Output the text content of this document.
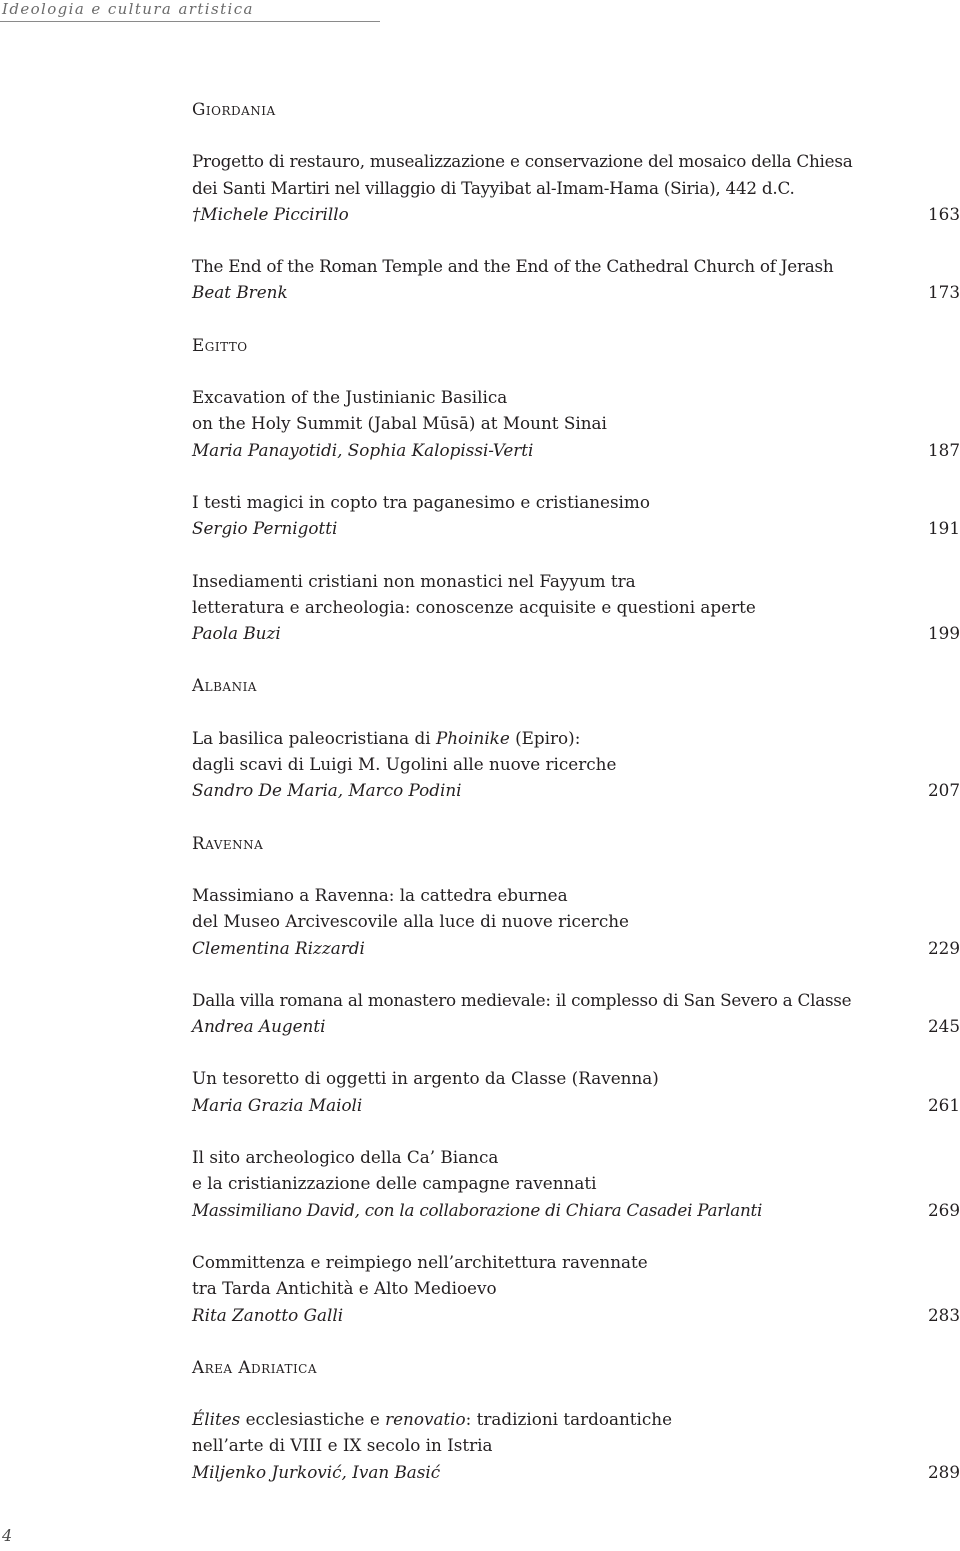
Ideologia e cultura artistica
Giordania
Progetto di restauro, musealizzazione e conservazione del mosaico della Chiesa
dei Santi Martiri nel villaggio di Tayyibat al-Imam-Hama (Siria), 442 d.C.
†Michele Piccirillo	163
The End of the Roman Temple and the End of the Cathedral Church of Jerash
Beat Brenk	173
Egitto
Excavation of the Justinianic Basilica
on the Holy Summit (Jabal Mūsā) at Mount Sinai
Maria Panayotidi, Sophia Kalopissi-Verti	187
I testi magici in copto tra paganesimo e cristianesimo
Sergio Pernigotti	191
Insediamenti cristiani non monastici nel Fayyum tra
letteratura e archeologia: conoscenze acquisite e questioni aperte
Paola Buzi	199
Albania
La basilica paleocristiana di Phoinike (Epiro):
dagli scavi di Luigi M. Ugolini alle nuove ricerche
Sandro De Maria, Marco Podini	207
Ravenna
Massimiano a Ravenna: la cattedra eburnea
del Museo Arcivescovile alla luce di nuove ricerche
Clementina Rizzardi	229
Dalla villa romana al monastero medievale: il complesso di San Severo a Classe
Andrea Augenti	245
Un tesoretto di oggetti in argento da Classe (Ravenna)
Maria Grazia Maioli	261
Il sito archeologico della Ca’ Bianca
e la cristianizzazione delle campagne ravennati
Massimiliano David, con la collaborazione di Chiara Casadei Parlanti	269
Committenza e reimpiego nell’architettura ravennate
tra Tarda Antichità e Alto Medioevo
Rita Zanotto Galli	283
Area Adriatica
Élites ecclesiastiche e renovatio: tradizioni tardoantiche
nell’arte di VIII e IX secolo in Istria
Miljenko Jurković, Ivan Basić	289
4
